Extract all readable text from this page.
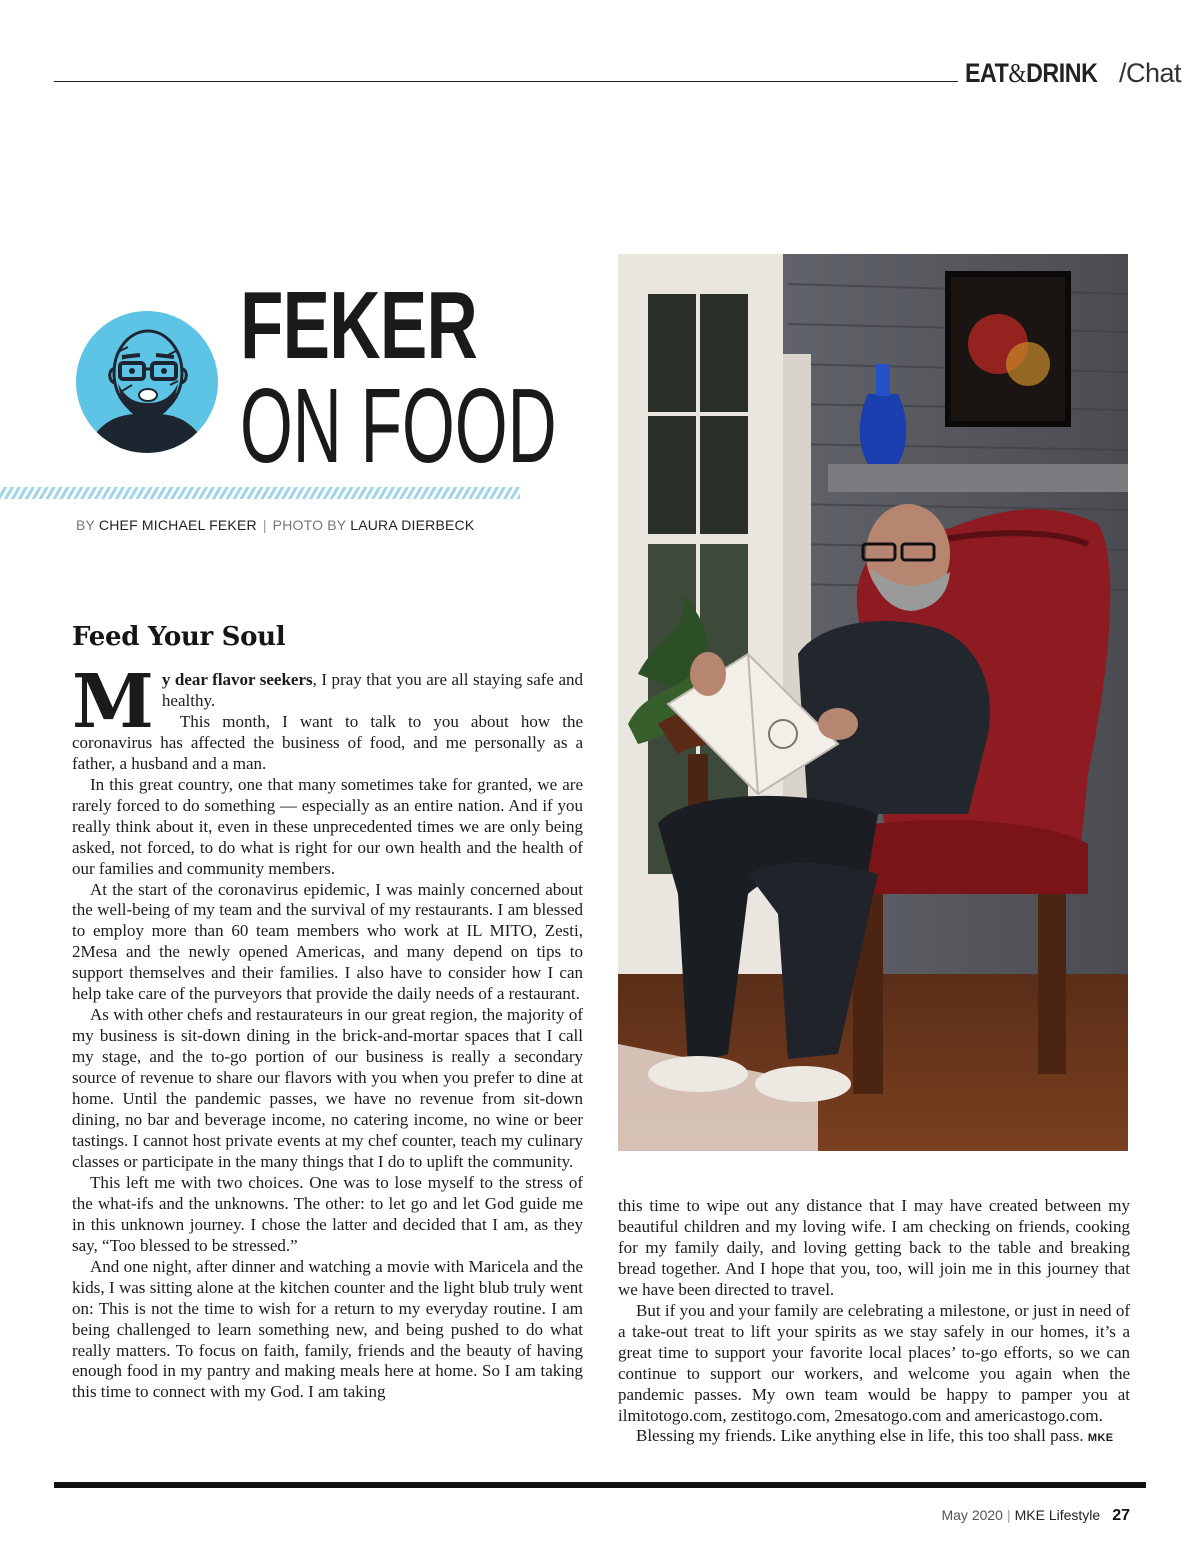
EAT&DRINK /Chat
FEKER
ON FOOD
BY CHEF MICHAEL FEKER | PHOTO BY LAURA DIERBECK
Feed Your Soul

My dear flavor seekers, I pray that you are all staying safe and healthy.

This month, I want to talk to you about how the coronavirus has affected the business of food, and me personally as a father, a husband and a man.

In this great country, one that many sometimes take for granted, we are rarely forced to do something — especially as an entire nation. And if you really think about it, even in these unprecedented times we are only being asked, not forced, to do what is right for our own health and the health of our families and community members.

At the start of the coronavirus epidemic, I was mainly concerned about the well-being of my team and the survival of my restaurants. I am blessed to employ more than 60 team members who work at IL MITO, Zesti, 2Mesa and the newly opened Americas, and many depend on tips to support themselves and their families. I also have to consider how I can help take care of the purveyors that provide the daily needs of a restaurant.

As with other chefs and restaurateurs in our great region, the majority of my business is sit-down dining in the brick-and-mortar spaces that I call my stage, and the to-go portion of our business is really a secondary source of revenue to share our flavors with you when you prefer to dine at home. Until the pandemic passes, we have no revenue from sit-down dining, no bar and beverage income, no catering income, no wine or beer tastings. I cannot host private events at my chef counter, teach my culinary classes or participate in the many things that I do to uplift the community.

This left me with two choices. One was to lose myself to the stress of the what-ifs and the unknowns. The other: to let go and let God guide me in this unknown journey. I chose the latter and decided that I am, as they say, “Too blessed to be stressed.”

And one night, after dinner and watching a movie with Maricela and the kids, I was sitting alone at the kitchen counter and the light blub truly went on: This is not the time to wish for a return to my everyday routine. I am being challenged to learn something new, and being pushed to do what really matters. To focus on faith, family, friends and the beauty of having enough food in my pantry and making meals here at home. So I am taking this time to connect with my God. I am taking

this time to wipe out any distance that I may have created between my beautiful children and my loving wife. I am checking on friends, cooking for my family daily, and loving getting back to the table and breaking bread together. And I hope that you, too, will join me in this journey that we have been directed to travel.

But if you and your family are celebrating a milestone, or just in need of a take-out treat to lift your spirits as we stay safely in our homes, it’s a great time to support your favorite local places’ to-go efforts, so we can continue to support our workers, and welcome you again when the pandemic passes. My own team would be happy to pamper you at ilmitotogo.com, zestitogo.com, 2mesatogo.com and americastogo.com.

Blessing my friends. Like anything else in life, this too shall pass. MKE

May 2020 | MKE Lifestyle 27
